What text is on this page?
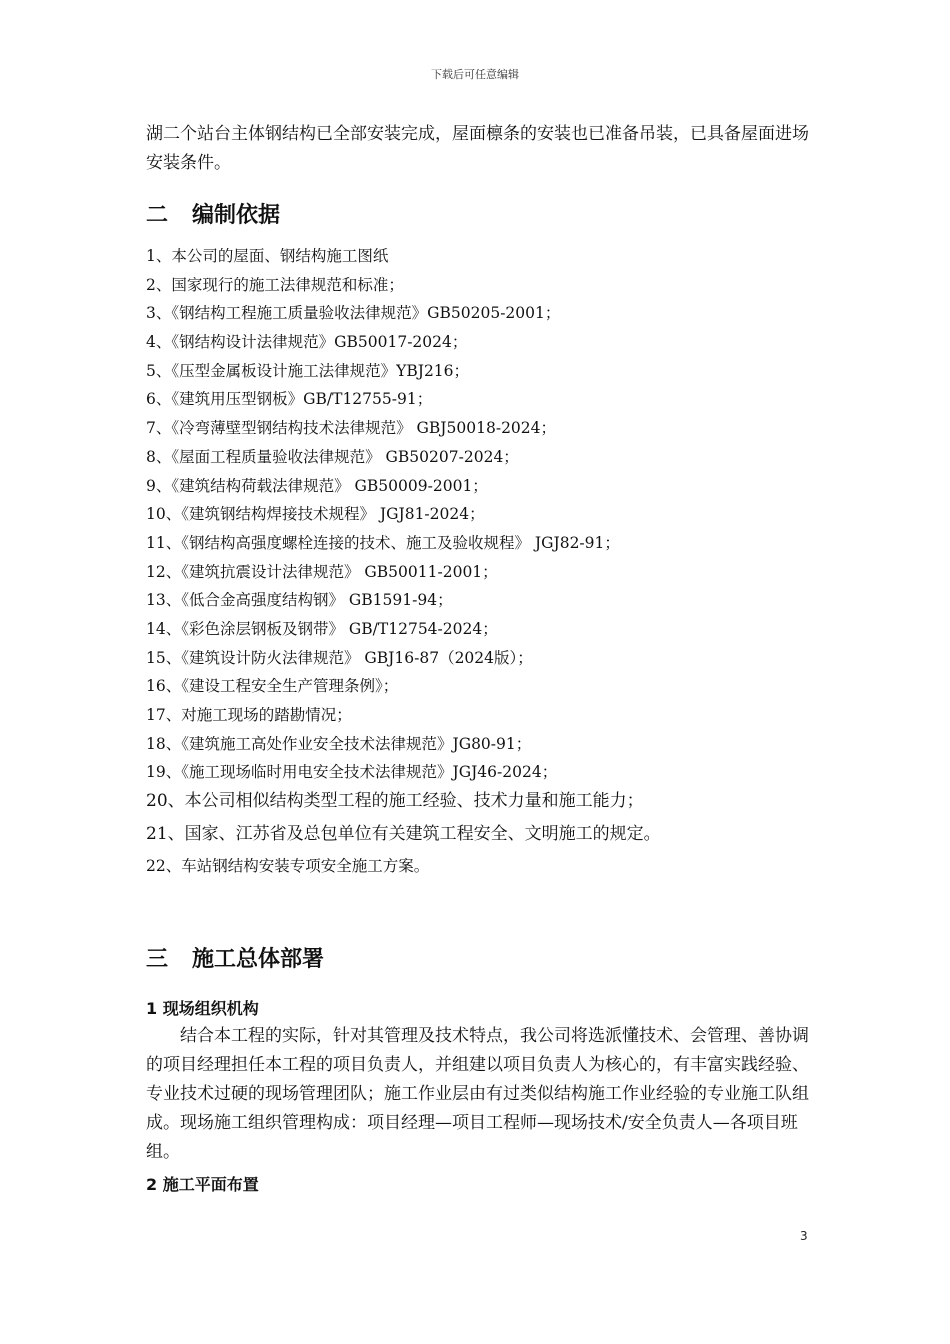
下载后可任意编辑

湖二个站台主体钢结构已全部安装完成，屋面檩条的安装也已准备吊装，已具备屋面进场安装条件。

二 编制依据
1、本公司的屋面、钢结构施工图纸
2、国家现行的施工法律规范和标准；
3、《钢结构工程施工质量验收法律规范》GB50205-2001；
4、《钢结构设计法律规范》GB50017-2024；
5、《压型金属板设计施工法律规范》YBJ216；
6、《建筑用压型钢板》GB/T12755-91；
7、《冷弯薄壁型钢结构技术法律规范》 GBJ50018-2024；
8、《屋面工程质量验收法律规范》 GB50207-2024；
9、《建筑结构荷载法律规范》 GB50009-2001；
10、《建筑钢结构焊接技术规程》 JGJ81-2024；
11、《钢结构高强度螺栓连接的技术、施工及验收规程》 JGJ82-91；
12、《建筑抗震设计法律规范》 GB50011-2001；
13、《低合金高强度结构钢》 GB1591-94；
14、《彩色涂层钢板及钢带》 GB/T12754-2024；
15、《建筑设计防火法律规范》 GBJ16-87（2024版）；
16、《建设工程安全生产管理条例》；
17、对施工现场的踏勘情况；
18、《建筑施工高处作业安全技术法律规范》JG80-91；
19、《施工现场临时用电安全技术法律规范》JGJ46-2024；
20、本公司相似结构类型工程的施工经验、技术力量和施工能力；
21、国家、江苏省及总包单位有关建筑工程安全、文明施工的规定。
22、车站钢结构安装专项安全施工方案。
三 施工总体部署
1 现场组织机构

结合本工程的实际，针对其管理及技术特点，我公司将选派懂技术、会管理、善协调的项目经理担任本工程的项目负责人，并组建以项目负责人为核心的，有丰富实践经验、专业技术过硬的现场管理团队；施工作业层由有过类似结构施工作业经验的专业施工队组成。现场施工组织管理构成：项目经理—项目工程师—现场技术/安全负责人—各项目班组。

2 施工平面布置
3
